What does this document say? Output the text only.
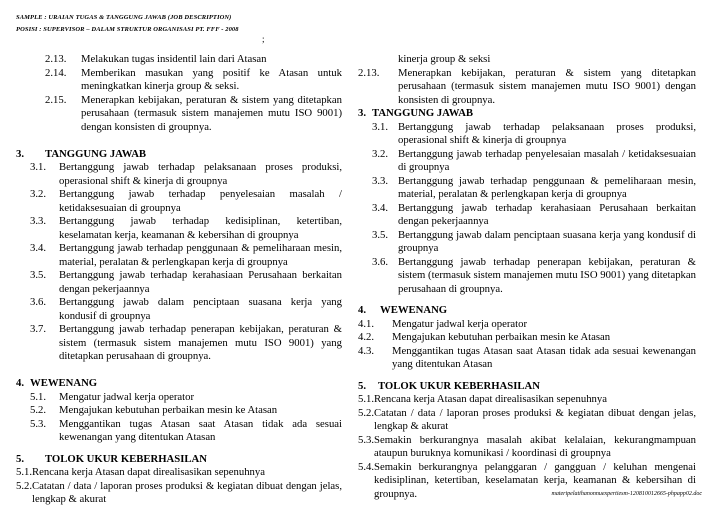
SAMPLE : URAIAN TUGAS & TANGGUNG JAWAB (JOB DESCRIPTION)
POSISI : SUPERVISOR – DALAM STRUKTUR ORGANISASI PT. FFF - 2008
;
2.13.	Melakukan tugas insidentil lain dari Atasan
2.14.	Memberikan masukan yang positif ke Atasan untuk meningkatkan kinerja group & seksi.
2.15.	Menerapkan kebijakan, peraturan & sistem yang ditetapkan perusahaan (termasuk sistem manajemen mutu ISO 9001) dengan konsisten di groupnya.
3.	TANGGUNG JAWAB
3.1.	Bertanggung jawab terhadap pelaksanaan proses produksi, operasional shift & kinerja di groupnya
3.2.	Bertanggung jawab terhadap penyelesaian masalah / ketidaksesuaian di groupnya
3.3.	Bertanggung jawab terhadap kedisiplinan, ketertiban, keselamatan kerja, keamanan & kebersihan di groupnya
3.4.	Bertanggung jawab terhadap penggunaan & pemeliharaan mesin, material, peralatan & perlengkapan kerja di groupnya
3.5.	Bertanggung jawab terhadap kerahasiaan Perusahaan berkaitan dengan pekerjaannya
3.6.	Bertanggung jawab dalam penciptaan suasana kerja yang kondusif di groupnya
3.7.	Bertanggung jawab terhadap penerapan kebijakan, peraturan & sistem (termasuk sistem manajemen mutu ISO 9001) yang ditetapkan perusahaan di groupnya.
4. WEWENANG
5.1.	Mengatur jadwal kerja operator
5.2.	Mengajukan kebutuhan perbaikan mesin ke Atasan
5.3.	Menggantikan tugas Atasan saat Atasan tidak ada sesuai kewenangan yang ditentukan Atasan
5.	TOLOK UKUR KEBERHASILAN
5.1. Rencana kerja Atasan dapat direalisasikan sepenuhnya
5.2. Catatan / data / laporan proses produksi & kegiatan dibuat dengan jelas, lengkap & akurat
kinerja group & seksi
2.13.	Menerapkan kebijakan, peraturan & sistem yang ditetapkan perusahaan (termasuk sistem manajemen mutu ISO 9001) dengan konsisten di groupnya.
3. TANGGUNG JAWAB
3.1. Bertanggung jawab terhadap pelaksanaan proses produksi, operasional shift & kinerja di groupnya
3.2. Bertanggung jawab terhadap penyelesaian masalah / ketidaksesuaian di groupnya
3.3. Bertanggung jawab terhadap penggunaan & pemeliharaan mesin, material, peralatan & perlengkapan kerja di groupnya
3.4. Bertanggung jawab terhadap kerahasiaan Perusahaan berkaitan dengan pekerjaannya
3.5. Bertanggung jawab dalam penciptaan suasana kerja yang kondusif di groupnya
3.6. Bertanggung jawab terhadap penerapan kebijakan, peraturan & sistem (termasuk sistem manajemen mutu ISO 9001) yang ditetapkan perusahaan di groupnya.
4.	WEWENANG
4.1.	Mengatur jadwal kerja operator
4.2.	Mengajukan kebutuhan perbaikan mesin ke Atasan
4.3.	Menggantikan tugas Atasan saat Atasan tidak ada sesuai kewenangan yang ditentukan Atasan
5.	TOLOK UKUR KEBERHASILAN
5.1. Rencana kerja Atasan dapat direalisasikan sepenuhnya
5.2. Catatan / data / laporan proses produksi & kegiatan dibuat dengan jelas, lengkap & akurat
5.3. Semakin berkurangnya masalah akibat kelalaian, kekurangmampuan ataupun buruknya komunikasi / koordinasi di groupnya
5.4. Semakin berkurangnya pelanggaran / gangguan / keluhan mengenai kedisiplinan, ketertiban, keselamatan kerja, keamanan & kebersihan di groupnya.	materipelatihanonnuexpertiesm-120810012665-phpapp02.doc
